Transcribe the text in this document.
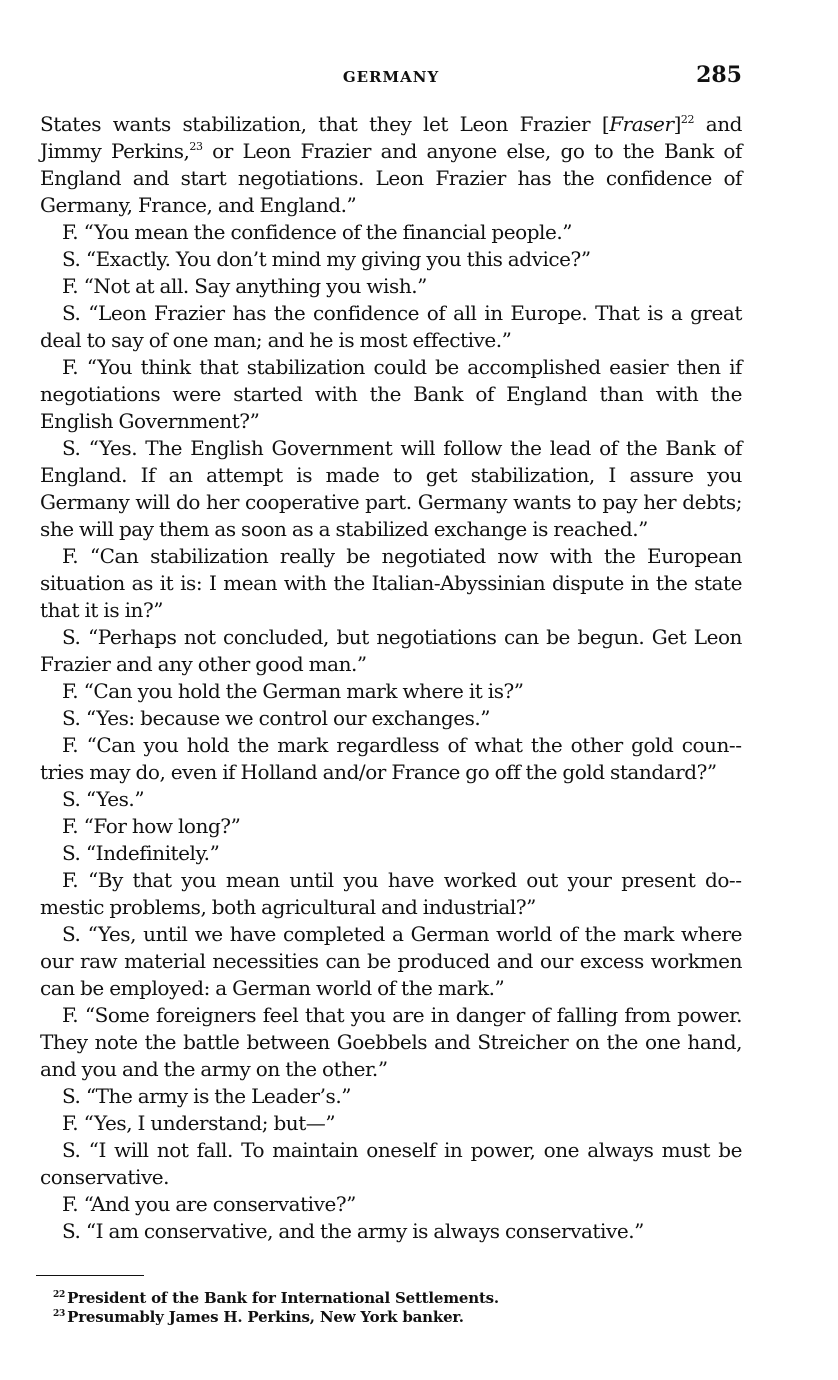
GERMANY	285

States wants stabilization, that they let Leon Frazier [Fraser]$^{22}$ and Jimmy Perkins,$^{23}$ or Leon Frazier and anyone else, go to the Bank of England and start negotiations. Leon Frazier has the confidence of Germany, France, and England.”

F. “You mean the confidence of the financial people.”

S. “Exactly. You don’t mind my giving you this advice?”

F. “Not at all. Say anything you wish.”

S. “Leon Frazier has the confidence of all in Europe. That is a great deal to say of one man; and he is most effective.”

F. “You think that stabilization could be accomplished easier then if negotiations were started with the Bank of England than with the English Government?”

S. “Yes. The English Government will follow the lead of the Bank of England. If an attempt is made to get stabilization, I assure you Germany will do her cooperative part. Germany wants to pay her debts; she will pay them as soon as a stabilized exchange is reached.”

F. “Can stabilization really be negotiated now with the European situation as it is: I mean with the Italian-Abyssinian dispute in the state that it is in?”

S. “Perhaps not concluded, but negotiations can be begun. Get Leon Frazier and any other good man.”

F. “Can you hold the German mark where it is?”

S. “Yes: because we control our exchanges.”

F. “Can you hold the mark regardless of what the other gold coun-tries may do, even if Holland and/or France go off the gold standard?”

S. “Yes.”

F. “For how long?”

S. “Indefinitely.”

F. “By that you mean until you have worked out your present do-mestic problems, both agricultural and industrial?”

S. “Yes, until we have completed a German world of the mark where our raw material necessities can be produced and our excess workmen can be employed: a German world of the mark.”

F. “Some foreigners feel that you are in danger of falling from power. They note the battle between Goebbels and Streicher on the one hand, and you and the army on the other.”

S. “The army is the Leader’s.”

F. “Yes, I understand; but—”

S. “I will not fall. To maintain oneself in power, one always must be conservative.

F. “And you are conservative?”

S. “I am conservative, and the army is always conservative.”

$^{22}$ President of the Bank for International Settlements.

$^{23}$ Presumably James H. Perkins, New York banker.
